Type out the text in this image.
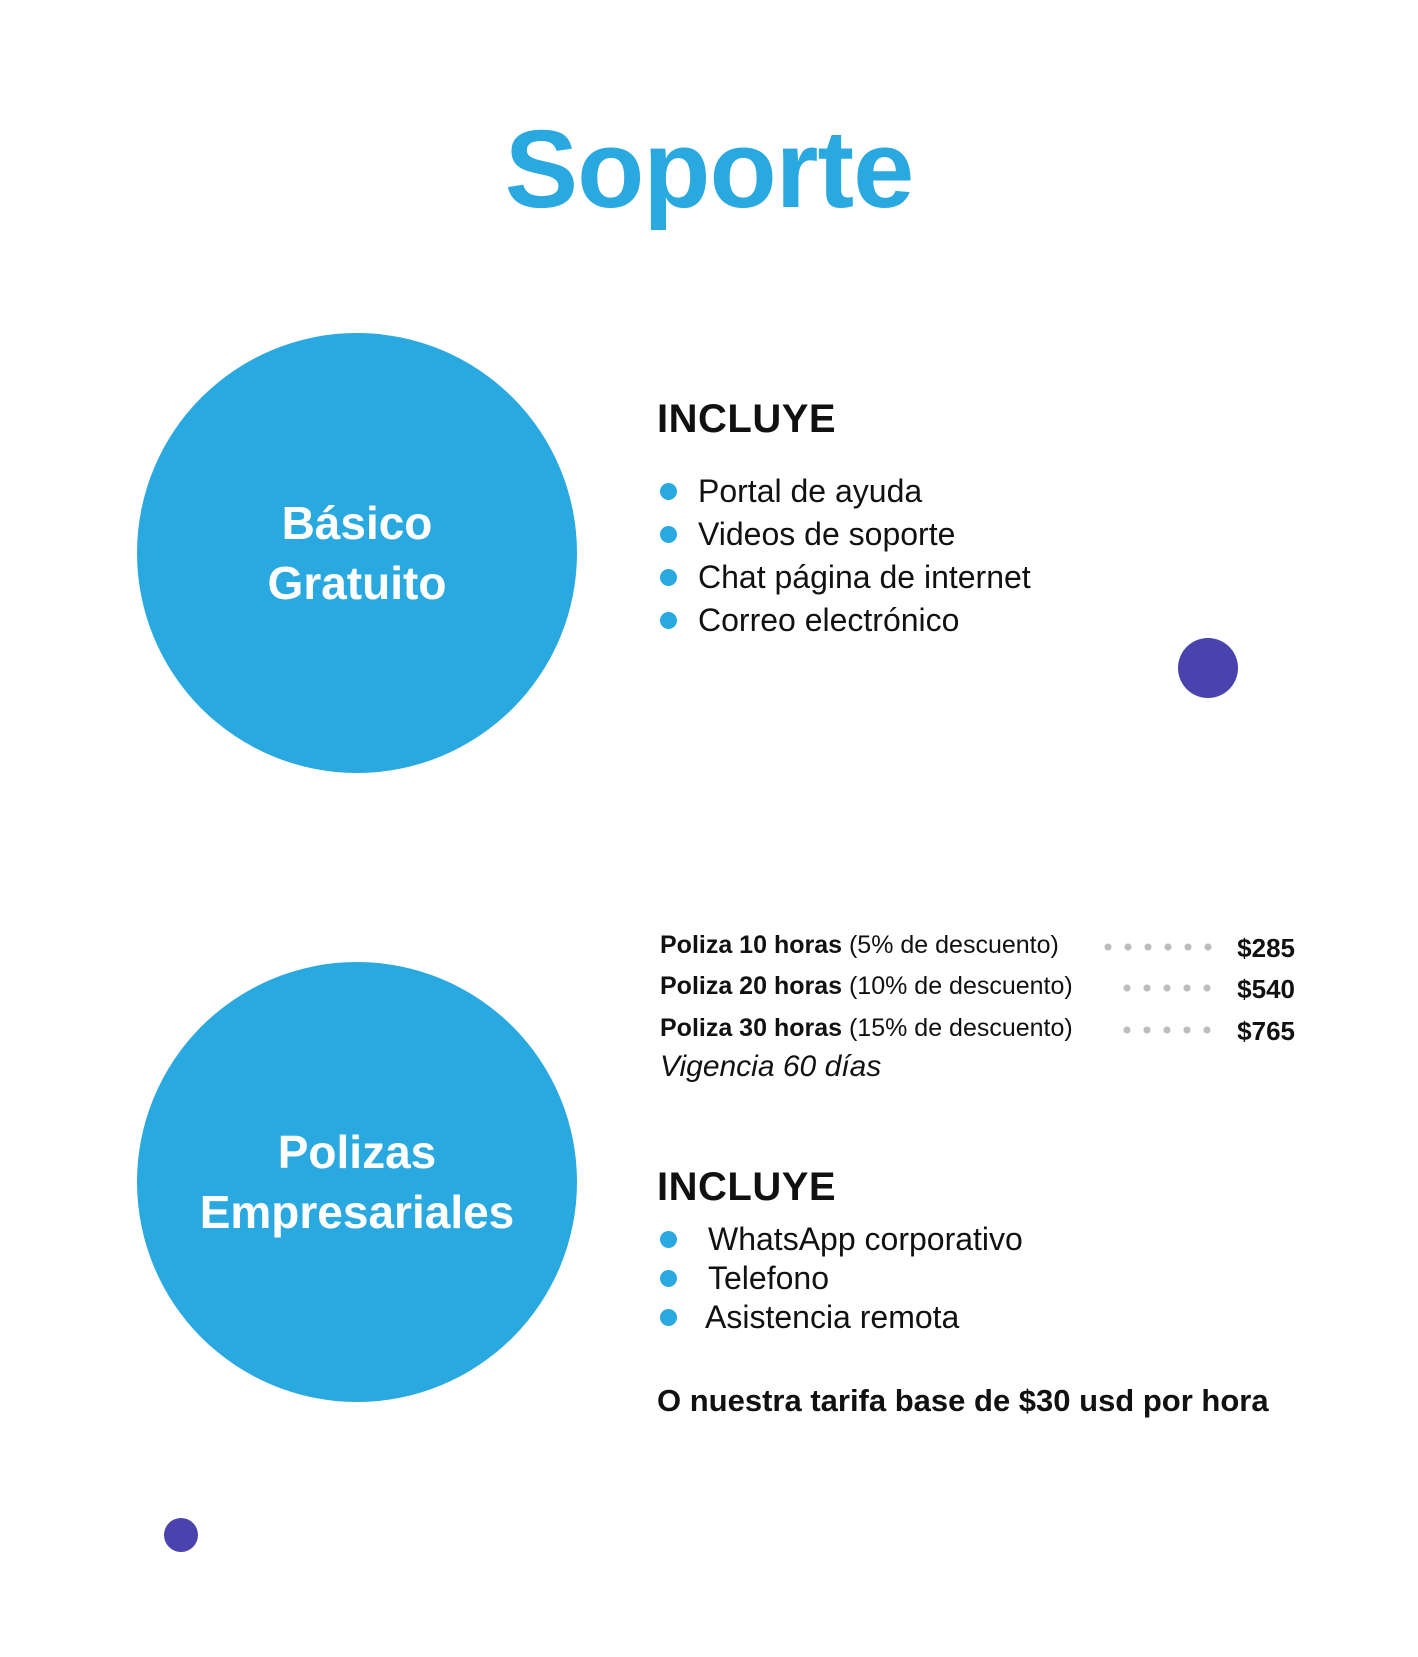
Soporte
Básico
Gratuito
INCLUYE
Portal de ayuda
Videos de soporte
Chat página de internet
Correo electrónico
Polizas
Empresariales
Poliza 10 horas (5% de descuento)	$285
Poliza 20 horas (10% de descuento)	$540
Poliza 30 horas (15% de descuento)	$765
Vigencia 60 días
INCLUYE
WhatsApp corporativo
Telefono
Asistencia remota
O nuestra tarifa base de $30 usd por hora
